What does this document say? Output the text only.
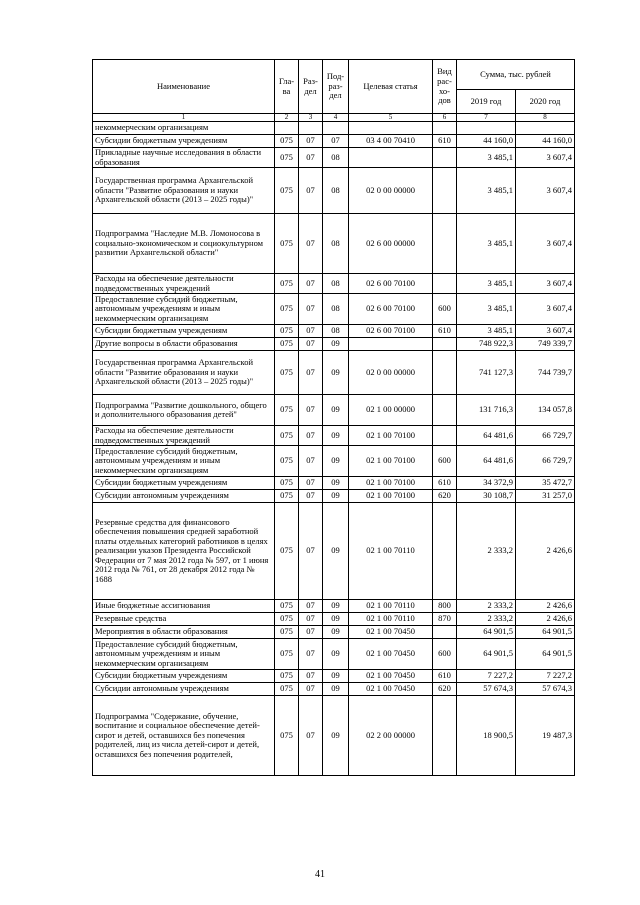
Наименование	Гла-ва	Раз-дел	Под-раз-дел	Целевая статья	Вид рас-хо-дов	Сумма, тыс. рублей	
						2019 год	2020 год
1	2	3	4	5	6	7	8
некоммерческим организациям							
Субсидии бюджетным учреждениям	075	07	07	03 4 00 70410	610	44 160,0	44 160,0
Прикладные научные исследования в области образования	075	07	08			3 485,1	3 607,4
Государственная программа Архангельской области "Развитие образования и науки Архангельской области (2013 – 2025 годы)"	075	07	08	02 0 00 00000		3 485,1	3 607,4
Подпрограмма "Наследие М.В. Ломоносова в социально-экономическом и социокультурном развитии Архангельской области"	075	07	08	02 6 00 00000		3 485,1	3 607,4
Расходы на обеспечение деятельности подведомственных учреждений	075	07	08	02 6 00 70100		3 485,1	3 607,4
Предоставление субсидий бюджетным, автономным учреждениям и иным некоммерческим организациям	075	07	08	02 6 00 70100	600	3 485,1	3 607,4
Субсидии бюджетным учреждениям	075	07	08	02 6 00 70100	610	3 485,1	3 607,4
Другие вопросы в области образования	075	07	09			748 922,3	749 339,7
Государственная программа Архангельской области "Развитие образования и науки Архангельской области (2013 – 2025 годы)"	075	07	09	02 0 00 00000		741 127,3	744 739,7
Подпрограмма "Развитие дошкольного, общего и дополнительного образования детей"	075	07	09	02 1 00 00000		131 716,3	134 057,8
Расходы на обеспечение деятельности подведомственных учреждений	075	07	09	02 1 00 70100		64 481,6	66 729,7
Предоставление субсидий бюджетным, автономным учреждениям и иным некоммерческим организациям	075	07	09	02 1 00 70100	600	64 481,6	66 729,7
Субсидии бюджетным учреждениям	075	07	09	02 1 00 70100	610	34 372,9	35 472,7
Субсидии автономным учреждениям	075	07	09	02 1 00 70100	620	30 108,7	31 257,0
Резервные средства для финансового обеспечения повышения средней заработной платы отдельных категорий работников в целях реализации указов Президента Российской Федерации от 7 мая 2012 года № 597, от 1 июня 2012 года № 761, от 28 декабря 2012 года № 1688	075	07	09	02 1 00 70110		2 333,2	2 426,6
Иные бюджетные ассигнования	075	07	09	02 1 00 70110	800	2 333,2	2 426,6
Резервные средства	075	07	09	02 1 00 70110	870	2 333,2	2 426,6
Мероприятия в области образования	075	07	09	02 1 00 70450		64 901,5	64 901,5
Предоставление субсидий бюджетным, автономным учреждениям и иным некоммерческим организациям	075	07	09	02 1 00 70450	600	64 901,5	64 901,5
Субсидии бюджетным учреждениям	075	07	09	02 1 00 70450	610	7 227,2	7 227,2
Субсидии автономным учреждениям	075	07	09	02 1 00 70450	620	57 674,3	57 674,3
Подпрограмма "Содержание, обучение, воспитание и социальное обеспечение детей-сирот и детей, оставшихся без попечения родителей, лиц из числа детей-сирот и детей, оставшихся без попечения родителей,	075	07	09	02 2 00 00000		18 900,5	19 487,3
41
